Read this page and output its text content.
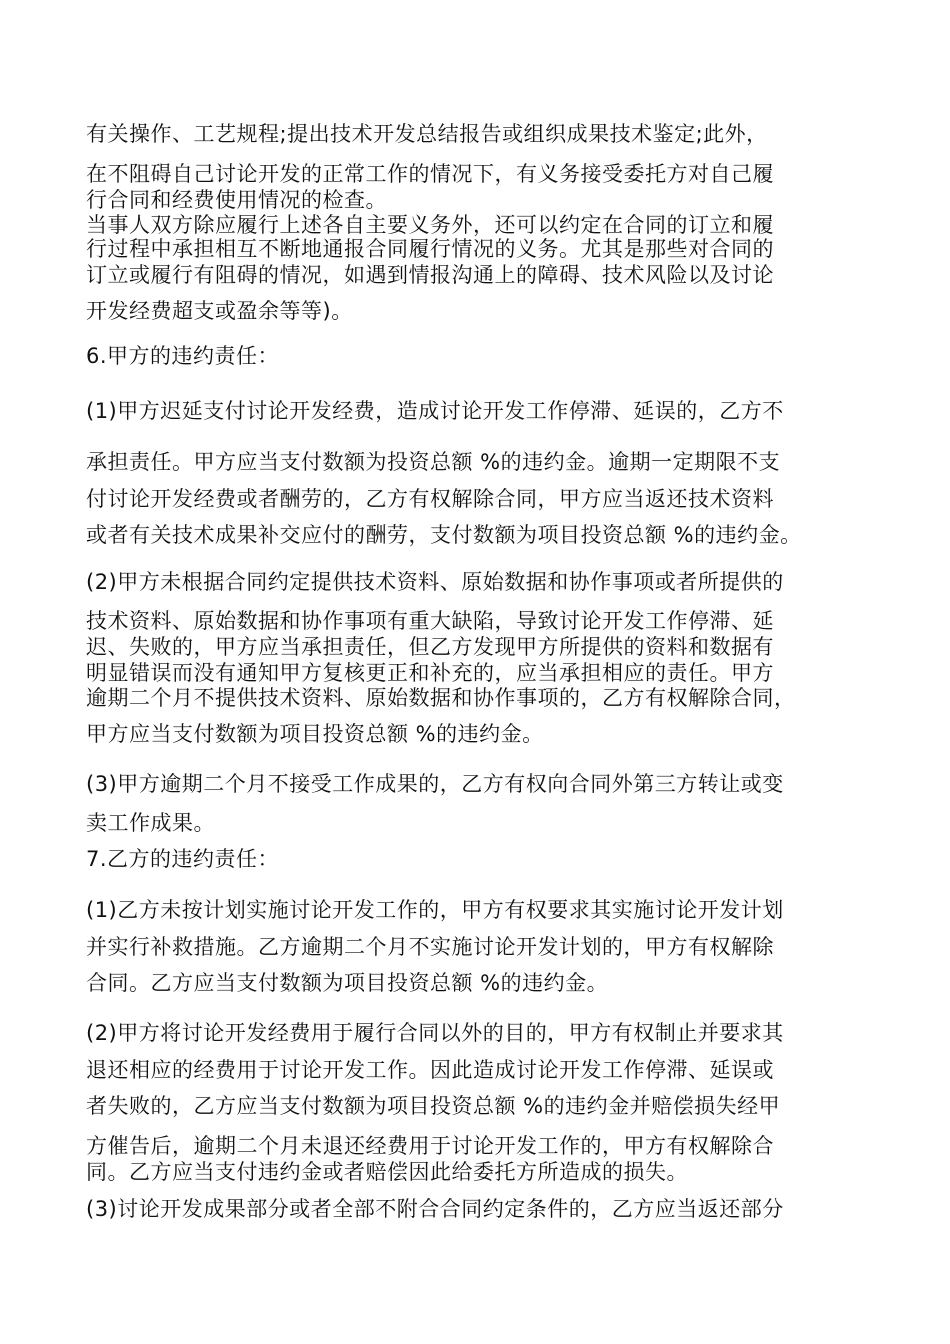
有关操作、工艺规程;提出技术开发总结报告或组织成果技术鉴定;此外，
在不阻碍自己讨论开发的正常工作的情况下，有义务接受委托方对自己履
行合同和经费使用情况的检查。
当事人双方除应履行上述各自主要义务外，还可以约定在合同的订立和履
行过程中承担相互不断地通报合同履行情况的义务。尤其是那些对合同的
订立或履行有阻碍的情况，如遇到情报沟通上的障碍、技术风险以及讨论
开发经费超支或盈余等等)。
6.甲方的违约责任：
(1)甲方迟延支付讨论开发经费，造成讨论开发工作停滞、延误的，乙方不
承担责任。甲方应当支付数额为投资总额 %的违约金。逾期一定期限不支
付讨论开发经费或者酬劳的，乙方有权解除合同，甲方应当返还技术资料
或者有关技术成果补交应付的酬劳，支付数额为项目投资总额 %的违约金。
(2)甲方未根据合同约定提供技术资料、原始数据和协作事项或者所提供的
技术资料、原始数据和协作事项有重大缺陷，导致讨论开发工作停滞、延
迟、失败的，甲方应当承担责任，但乙方发现甲方所提供的资料和数据有
明显错误而没有通知甲方复核更正和补充的，应当承担相应的责任。甲方
逾期二个月不提供技术资料、原始数据和协作事项的，乙方有权解除合同，
甲方应当支付数额为项目投资总额 %的违约金。
(3)甲方逾期二个月不接受工作成果的，乙方有权向合同外第三方转让或变
卖工作成果。
7.乙方的违约责任：
(1)乙方未按计划实施讨论开发工作的，甲方有权要求其实施讨论开发计划
并实行补救措施。乙方逾期二个月不实施讨论开发计划的，甲方有权解除
合同。乙方应当支付数额为项目投资总额 %的违约金。
(2)甲方将讨论开发经费用于履行合同以外的目的，甲方有权制止并要求其
退还相应的经费用于讨论开发工作。因此造成讨论开发工作停滞、延误或
者失败的，乙方应当支付数额为项目投资总额 %的违约金并赔偿损失经甲
方催告后，逾期二个月未退还经费用于讨论开发工作的，甲方有权解除合
同。乙方应当支付违约金或者赔偿因此给委托方所造成的损失。
(3)讨论开发成果部分或者全部不附合合同约定条件的，乙方应当返还部分
